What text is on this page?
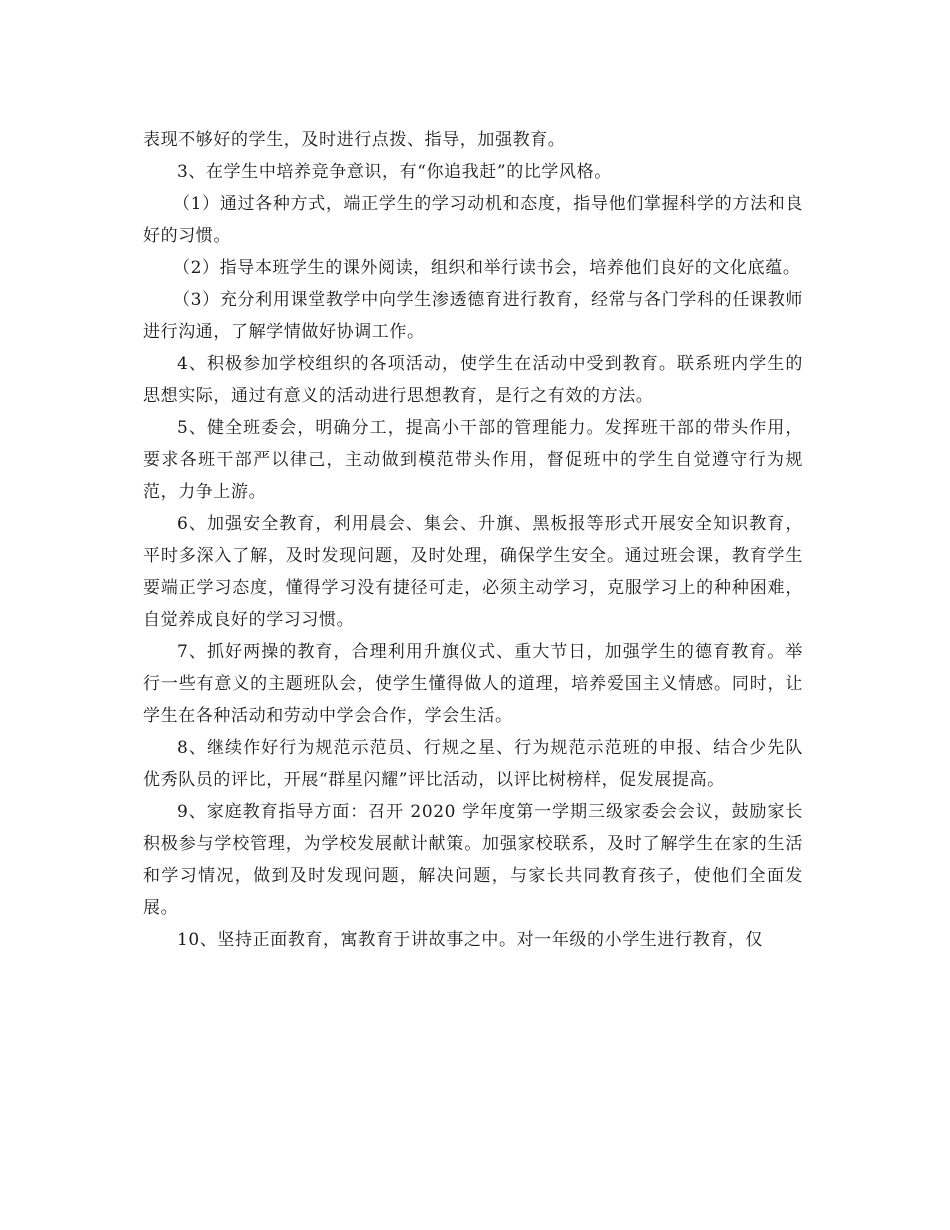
表现不够好的学生，及时进行点拨、指导，加强教育。

3、在学生中培养竞争意识，有“你追我赶”的比学风格。

（1）通过各种方式，端正学生的学习动机和态度，指导他们掌握科学的方法和良好的习惯。

（2）指导本班学生的课外阅读，组织和举行读书会，培养他们良好的文化底蕴。

（3）充分利用课堂教学中向学生渗透德育进行教育，经常与各门学科的任课教师进行沟通，了解学情做好协调工作。

4、积极参加学校组织的各项活动，使学生在活动中受到教育。联系班内学生的思想实际，通过有意义的活动进行思想教育，是行之有效的方法。

5、健全班委会，明确分工，提高小干部的管理能力。发挥班干部的带头作用，要求各班干部严以律己，主动做到模范带头作用，督促班中的学生自觉遵守行为规范，力争上游。

6、加强安全教育，利用晨会、集会、升旗、黑板报等形式开展安全知识教育，平时多深入了解，及时发现问题，及时处理，确保学生安全。通过班会课，教育学生要端正学习态度，懂得学习没有捷径可走，必须主动学习，克服学习上的种种困难，自觉养成良好的学习习惯。

7、抓好两操的教育，合理利用升旗仪式、重大节日，加强学生的德育教育。举行一些有意义的主题班队会，使学生懂得做人的道理，培养爱国主义情感。同时，让学生在各种活动和劳动中学会合作，学会生活。

8、继续作好行为规范示范员、行规之星、行为规范示范班的申报、结合少先队优秀队员的评比，开展“群星闪耀”评比活动，以评比树榜样，促发展提高。

9、家庭教育指导方面：召开 2020 学年度第一学期三级家委会会议，鼓励家长积极参与学校管理，为学校发展献计献策。加强家校联系，及时了解学生在家的生活和学习情况，做到及时发现问题，解决问题，与家长共同教育孩子，使他们全面发展。

10、坚持正面教育，寓教育于讲故事之中。对一年级的小学生进行教育，仅
